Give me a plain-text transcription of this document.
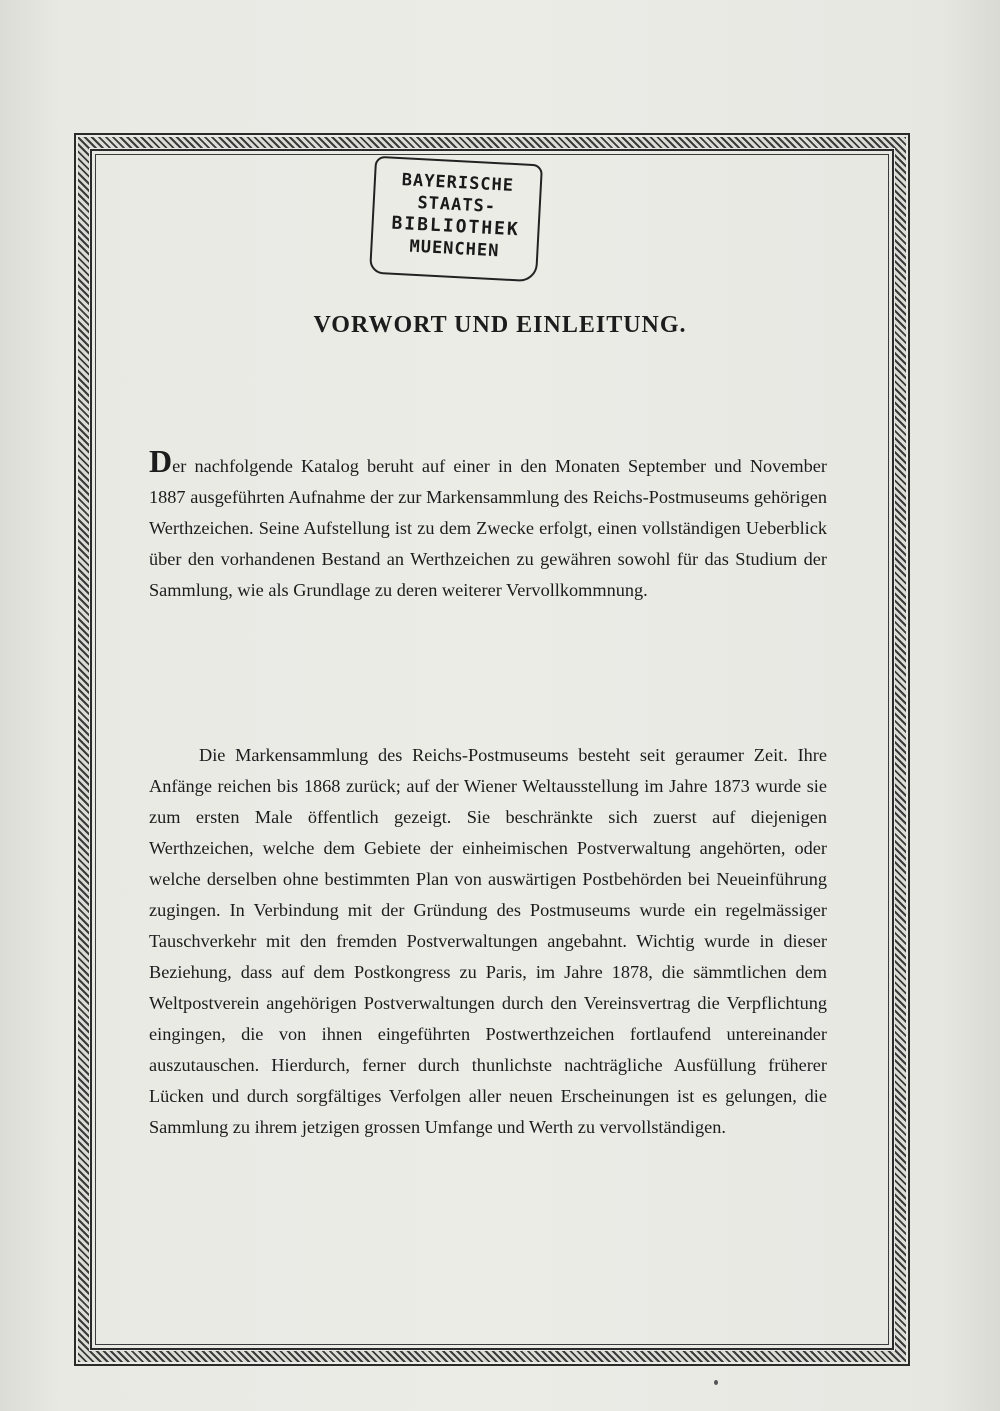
BAYERISCHE
STAATS-
BIBLIOTHEK
MUENCHEN
VORWORT UND EINLEITUNG.
Der nachfolgende Katalog beruht auf einer in den Monaten September und November 1887 ausgeführten Aufnahme der zur Markensammlung des Reichs-Postmuseums gehörigen Werthzeichen. Seine Aufstellung ist zu dem Zwecke erfolgt, einen vollständigen Ueberblick über den vorhandenen Bestand an Werthzeichen zu gewähren sowohl für das Studium der Sammlung, wie als Grundlage zu deren weiterer Vervollkommnung.
Die Markensammlung des Reichs-Postmuseums besteht seit geraumer Zeit. Ihre Anfänge reichen bis 1868 zurück; auf der Wiener Weltausstellung im Jahre 1873 wurde sie zum ersten Male öffentlich gezeigt. Sie beschränkte sich zuerst auf diejenigen Werthzeichen, welche dem Gebiete der einheimischen Postverwaltung angehörten, oder welche derselben ohne bestimmten Plan von auswärtigen Postbehörden bei Neueinführung zugingen. In Verbindung mit der Gründung des Postmuseums wurde ein regelmässiger Tauschverkehr mit den fremden Postverwaltungen angebahnt. Wichtig wurde in dieser Beziehung, dass auf dem Postkongress zu Paris, im Jahre 1878, die sämmtlichen dem Weltpostverein angehörigen Postverwaltungen durch den Vereinsvertrag die Verpflichtung eingingen, die von ihnen eingeführten Postwerthzeichen fortlaufend untereinander auszutauschen. Hierdurch, ferner durch thunlichste nachträgliche Ausfüllung früherer Lücken und durch sorgfältiges Verfolgen aller neuen Erscheinungen ist es gelungen, die Sammlung zu ihrem jetzigen grossen Umfange und Werth zu vervollständigen.
